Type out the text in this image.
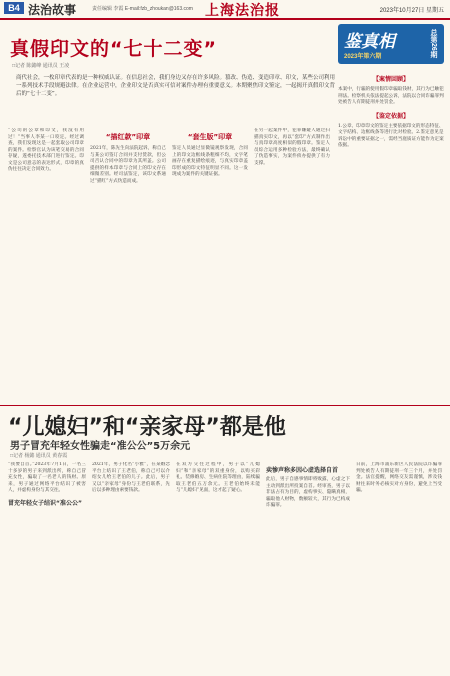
B4 法治故事	责任编辑 李霞 E-mail:fzb_zhoukan@163.com 上海法治报	2023年10月27日 星期五
真假印文的“七十二变”
□记者 陈懿峰 通讯员 王凌
鉴真相
2023年第六期	总第26期
商代社会，一枚印章代表的是一种权威认证。在信息社会，我们身边又存在许多风险。篡改、伪造、变造印章、印文，某些公司利用一系列技术手段规避法律。在企业运营中，企业印文是否真实可信对案件办理有重要意义。本期聚焦印文鉴定，一起揭开真假印文背后的“七十二变”。
“公司的公章和印文，我没有用过！”当事人李某一口咬定。经过调查，我们发现这是一起套取公司印章的案件。检察官认为该笔交易的合同存疑，遂委托技术部门进行鉴定。印文是公司意志的表达形式，印章的真伪往往决定合同效力。
“描红款”印章
2021年，陈先生向法院起诉，称自己与某公司签订合同并支付货款，但公司否认合同中的印章为其所盖。公司提供的样本印章与合同上的印文存在细微差别。经司法鉴定，该印文系通过“描红”方式伪造而成。
“套生版”印章
鉴定人员通过显微镜观察发现，合同上的印文边框线条粗细不均，文字笔画存在重复描绘痕迹，与真实印章盖印形成的印文特征明显不同。这一发现成为案件的关键证据。
在另一起案件中，犯罪嫌疑人通过扫描真实印文，再以“套印”方式制作出与真印章高度相似的假印章。鉴定人员综合运用多种检验方法，最终确认了伪造事实，为案件侦办提供了有力支撑。
【案情回顾】
本案中，行骗的使用假印章骗取钱财，其行为已触犯刑法。检察机关依法提起公诉，法院以合同诈骗罪判处被告人有期徒刑并处罚金。
【鉴定依据】
1.公章、印章印文的鉴定主要依据印文的形态特征、文字结构、边框线条等进行比对检验。2.鉴定意见是诉讼中的重要证据之一，需经当庭质证方能作为定案依据。
“儿媳妇”和“亲家母”都是他
男子冒充年轻女性骗走“准公公”5万余元
□记者 杨懿 通讯员 黄春霞
“我要自首。”2023年7月1日，一名三十多岁的男子来到派出所，称自己冒充女性，骗取了一名老人的钱财。原来，男子通过网络平台结识了被害人，并虚构身份与其交往。
冒充年轻女子结识“准公公”
2021年，男子化名“小雅”，在某婚恋平台上结识了王老伯，称自己可以介绍女儿给王老伯的儿子。此后，男子又以“亲家母”身份与王老伯联系，先后以多种理由索要钱款。
在双方交往过程中，男子以“儿媳妇”和“亲家母”的双重身份，以购买彩礼、装修婚房、生病住院等理由，陆续骗取王老伯五万余元。王老伯始终未能与“儿媳妇”见面，这才起了疑心。
卖惨声称多因心虚选择自首
此后，男子自感事情即将败露，心虚之下主动到派出所投案自首。经审查，男子以非法占有为目的，虚构事实、隐瞒真相，骗取他人财物，数额较大，其行为已构成诈骗罪。
日前，上海市浦东新区人民法院以诈骗罪判处被告人有期徒刑一年三个月，并处罚金。法官提醒，网络交友需谨慎，涉及钱财往来时务必核实对方身份，避免上当受骗。
